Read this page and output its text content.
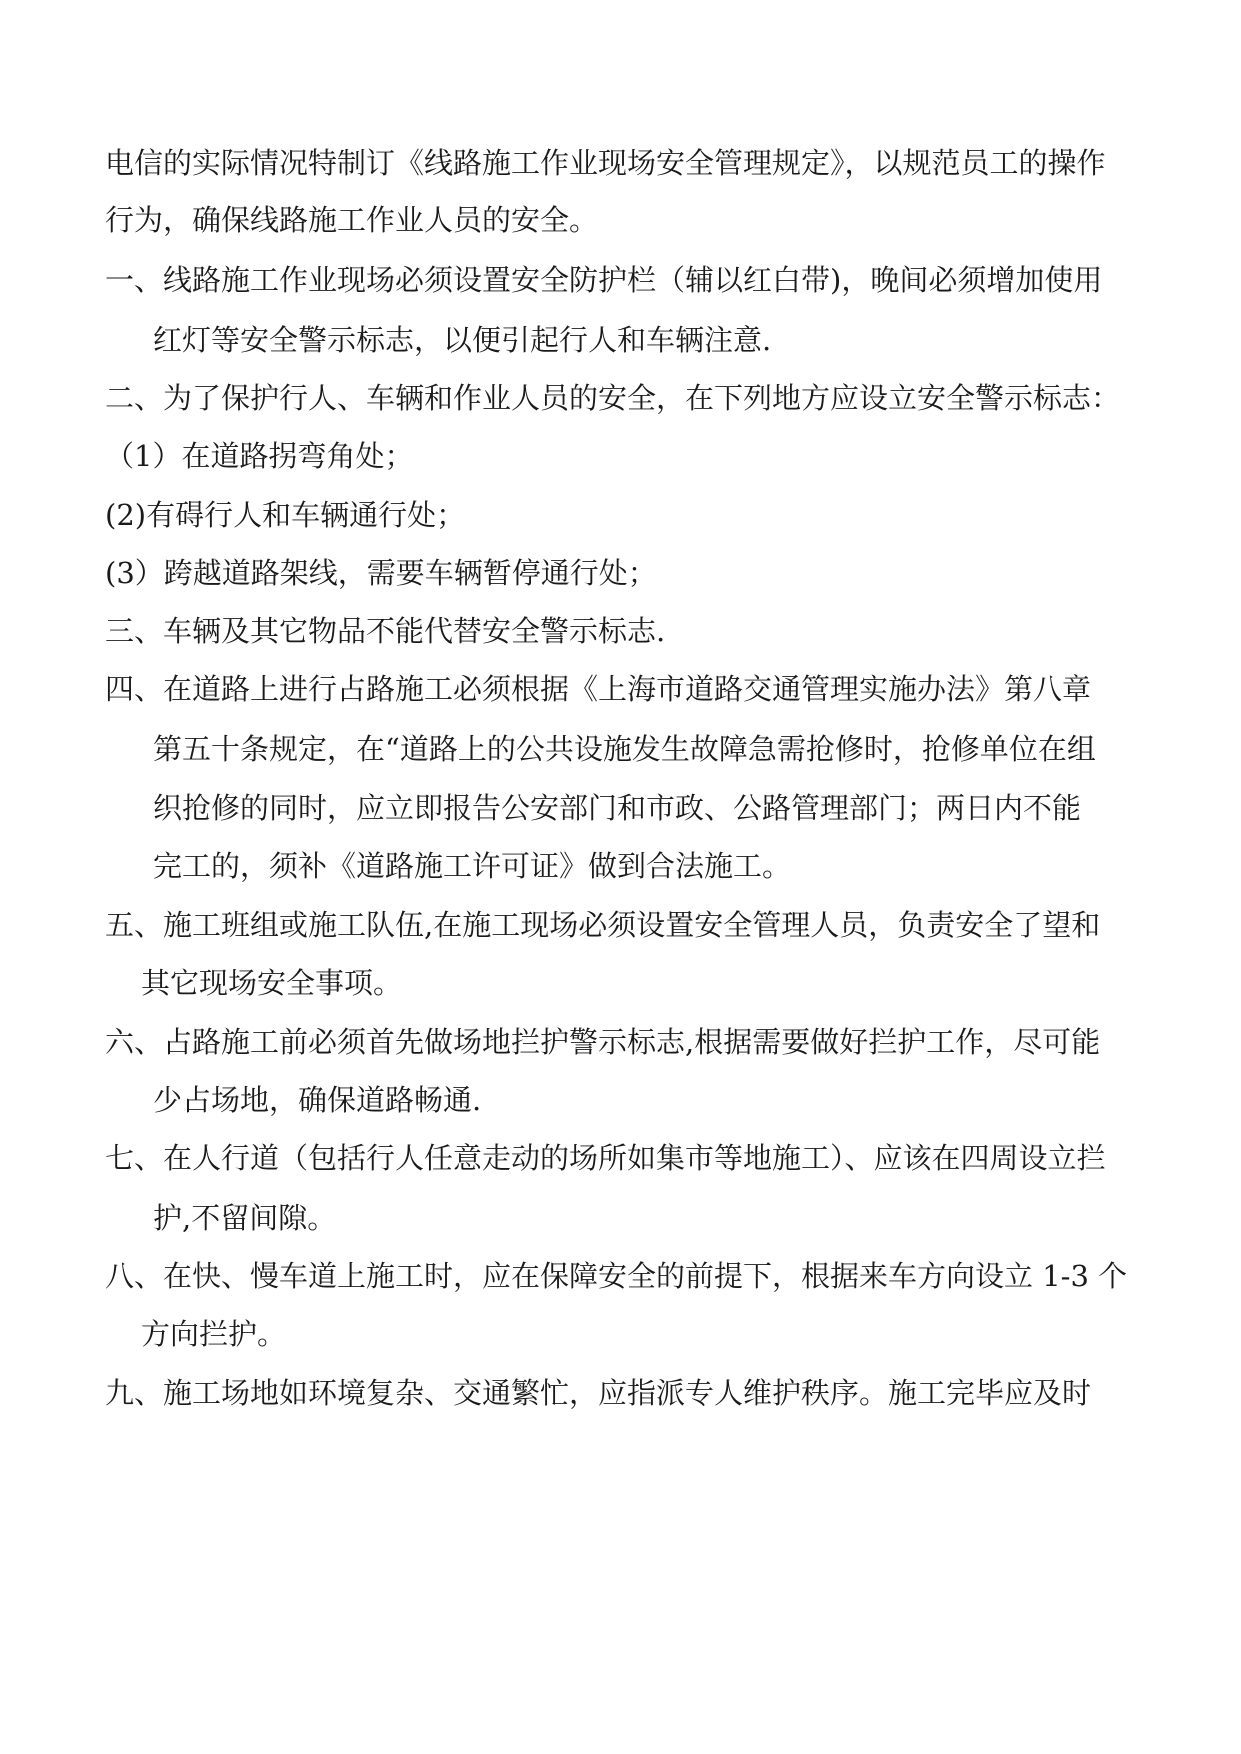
电信的实际情况特制订《线路施工作业现场安全管理规定》，以规范员工的操作
行为，确保线路施工作业人员的安全。
一、线路施工作业现场必须设置安全防护栏（辅以红白带)，晚间必须增加使用
红灯等安全警示标志，以便引起行人和车辆注意.
二、为了保护行人、车辆和作业人员的安全，在下列地方应设立安全警示标志：
（1）在道路拐弯角处；
(2)有碍行人和车辆通行处；
(3）跨越道路架线，需要车辆暂停通行处；
三、车辆及其它物品不能代替安全警示标志.
四、在道路上进行占路施工必须根据《上海市道路交通管理实施办法》第八章
第五十条规定，在“道路上的公共设施发生故障急需抢修时，抢修单位在组
织抢修的同时，应立即报告公安部门和市政、公路管理部门；两日内不能
完工的，须补《道路施工许可证》做到合法施工。
五、施工班组或施工队伍,在施工现场必须设置安全管理人员，负责安全了望和
其它现场安全事项。
六、占路施工前必须首先做场地拦护警示标志,根据需要做好拦护工作，尽可能
少占场地，确保道路畅通.
七、在人行道（包括行人任意走动的场所如集市等地施工）、应该在四周设立拦
护,不留间隙。
八、在快、慢车道上施工时，应在保障安全的前提下，根据来车方向设立 1-3 个
方向拦护。
九、施工场地如环境复杂、交通繁忙，应指派专人维护秩序。施工完毕应及时
